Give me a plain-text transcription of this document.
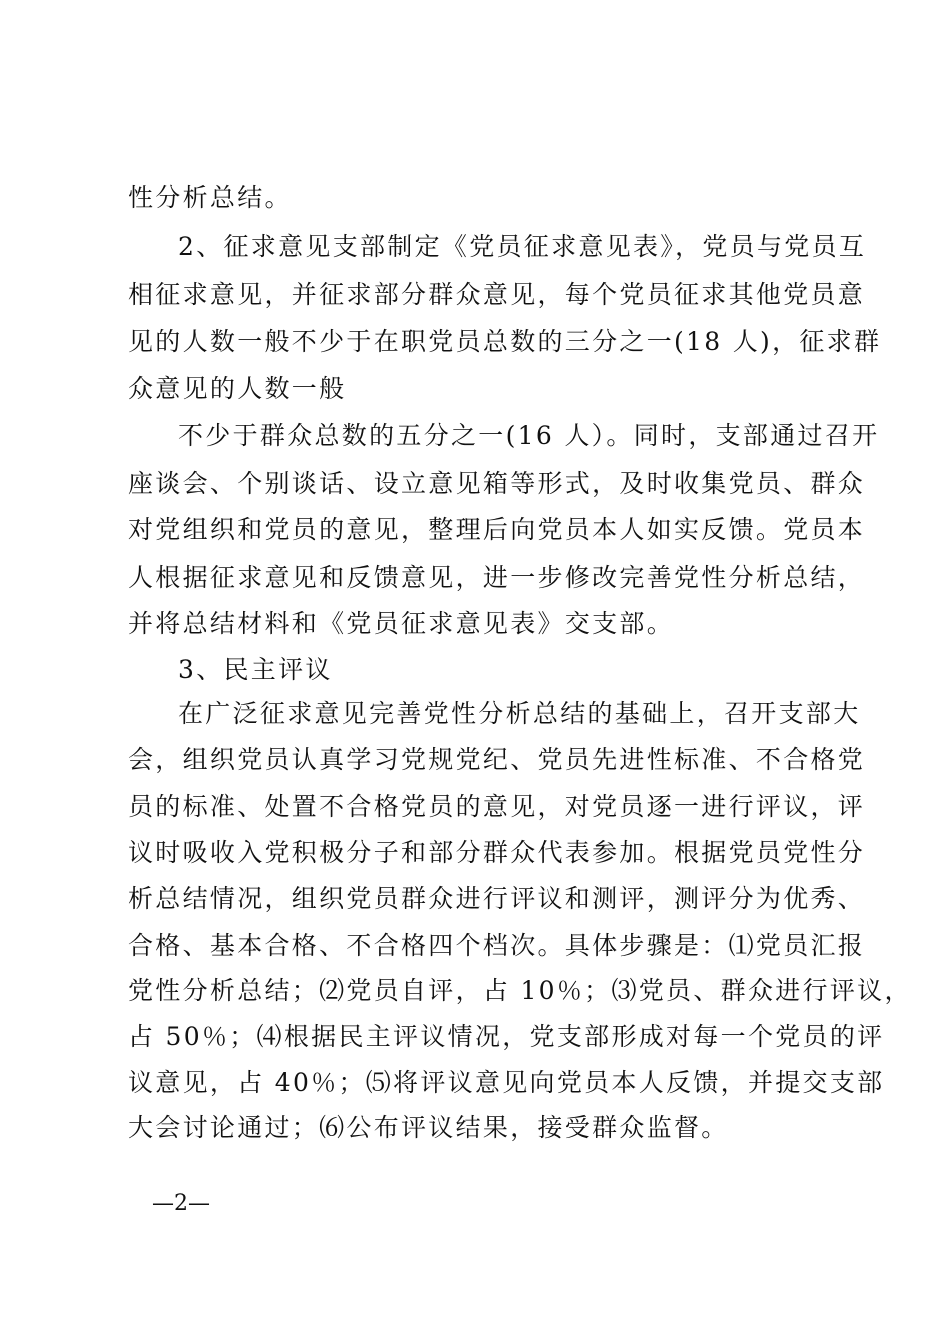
性分析总结。
2、征求意见支部制定《党员征求意见表》，党员与党员互
相征求意见，并征求部分群众意见，每个党员征求其他党员意
见的人数一般不少于在职党员总数的三分之一(18 人)，征求群
众意见的人数一般
不少于群众总数的五分之一(16 人）。同时，支部通过召开
座谈会、个别谈话、设立意见箱等形式，及时收集党员、群众
对党组织和党员的意见，整理后向党员本人如实反馈。党员本
人根据征求意见和反馈意见，进一步修改完善党性分析总结，
并将总结材料和《党员征求意见表》交支部。
3、民主评议
在广泛征求意见完善党性分析总结的基础上，召开支部大
会，组织党员认真学习党规党纪、党员先进性标准、不合格党
员的标准、处置不合格党员的意见，对党员逐一进行评议，评
议时吸收入党积极分子和部分群众代表参加。根据党员党性分
析总结情况，组织党员群众进行评议和测评，测评分为优秀、
合格、基本合格、不合格四个档次。具体步骤是：⑴党员汇报
党性分析总结；⑵党员自评，占 10％；⑶党员、群众进行评议，
占 50％；⑷根据民主评议情况，党支部形成对每一个党员的评
议意见，占 40％；⑸将评议意见向党员本人反馈，并提交支部
大会讨论通过；⑹公布评议结果，接受群众监督。
—2—
